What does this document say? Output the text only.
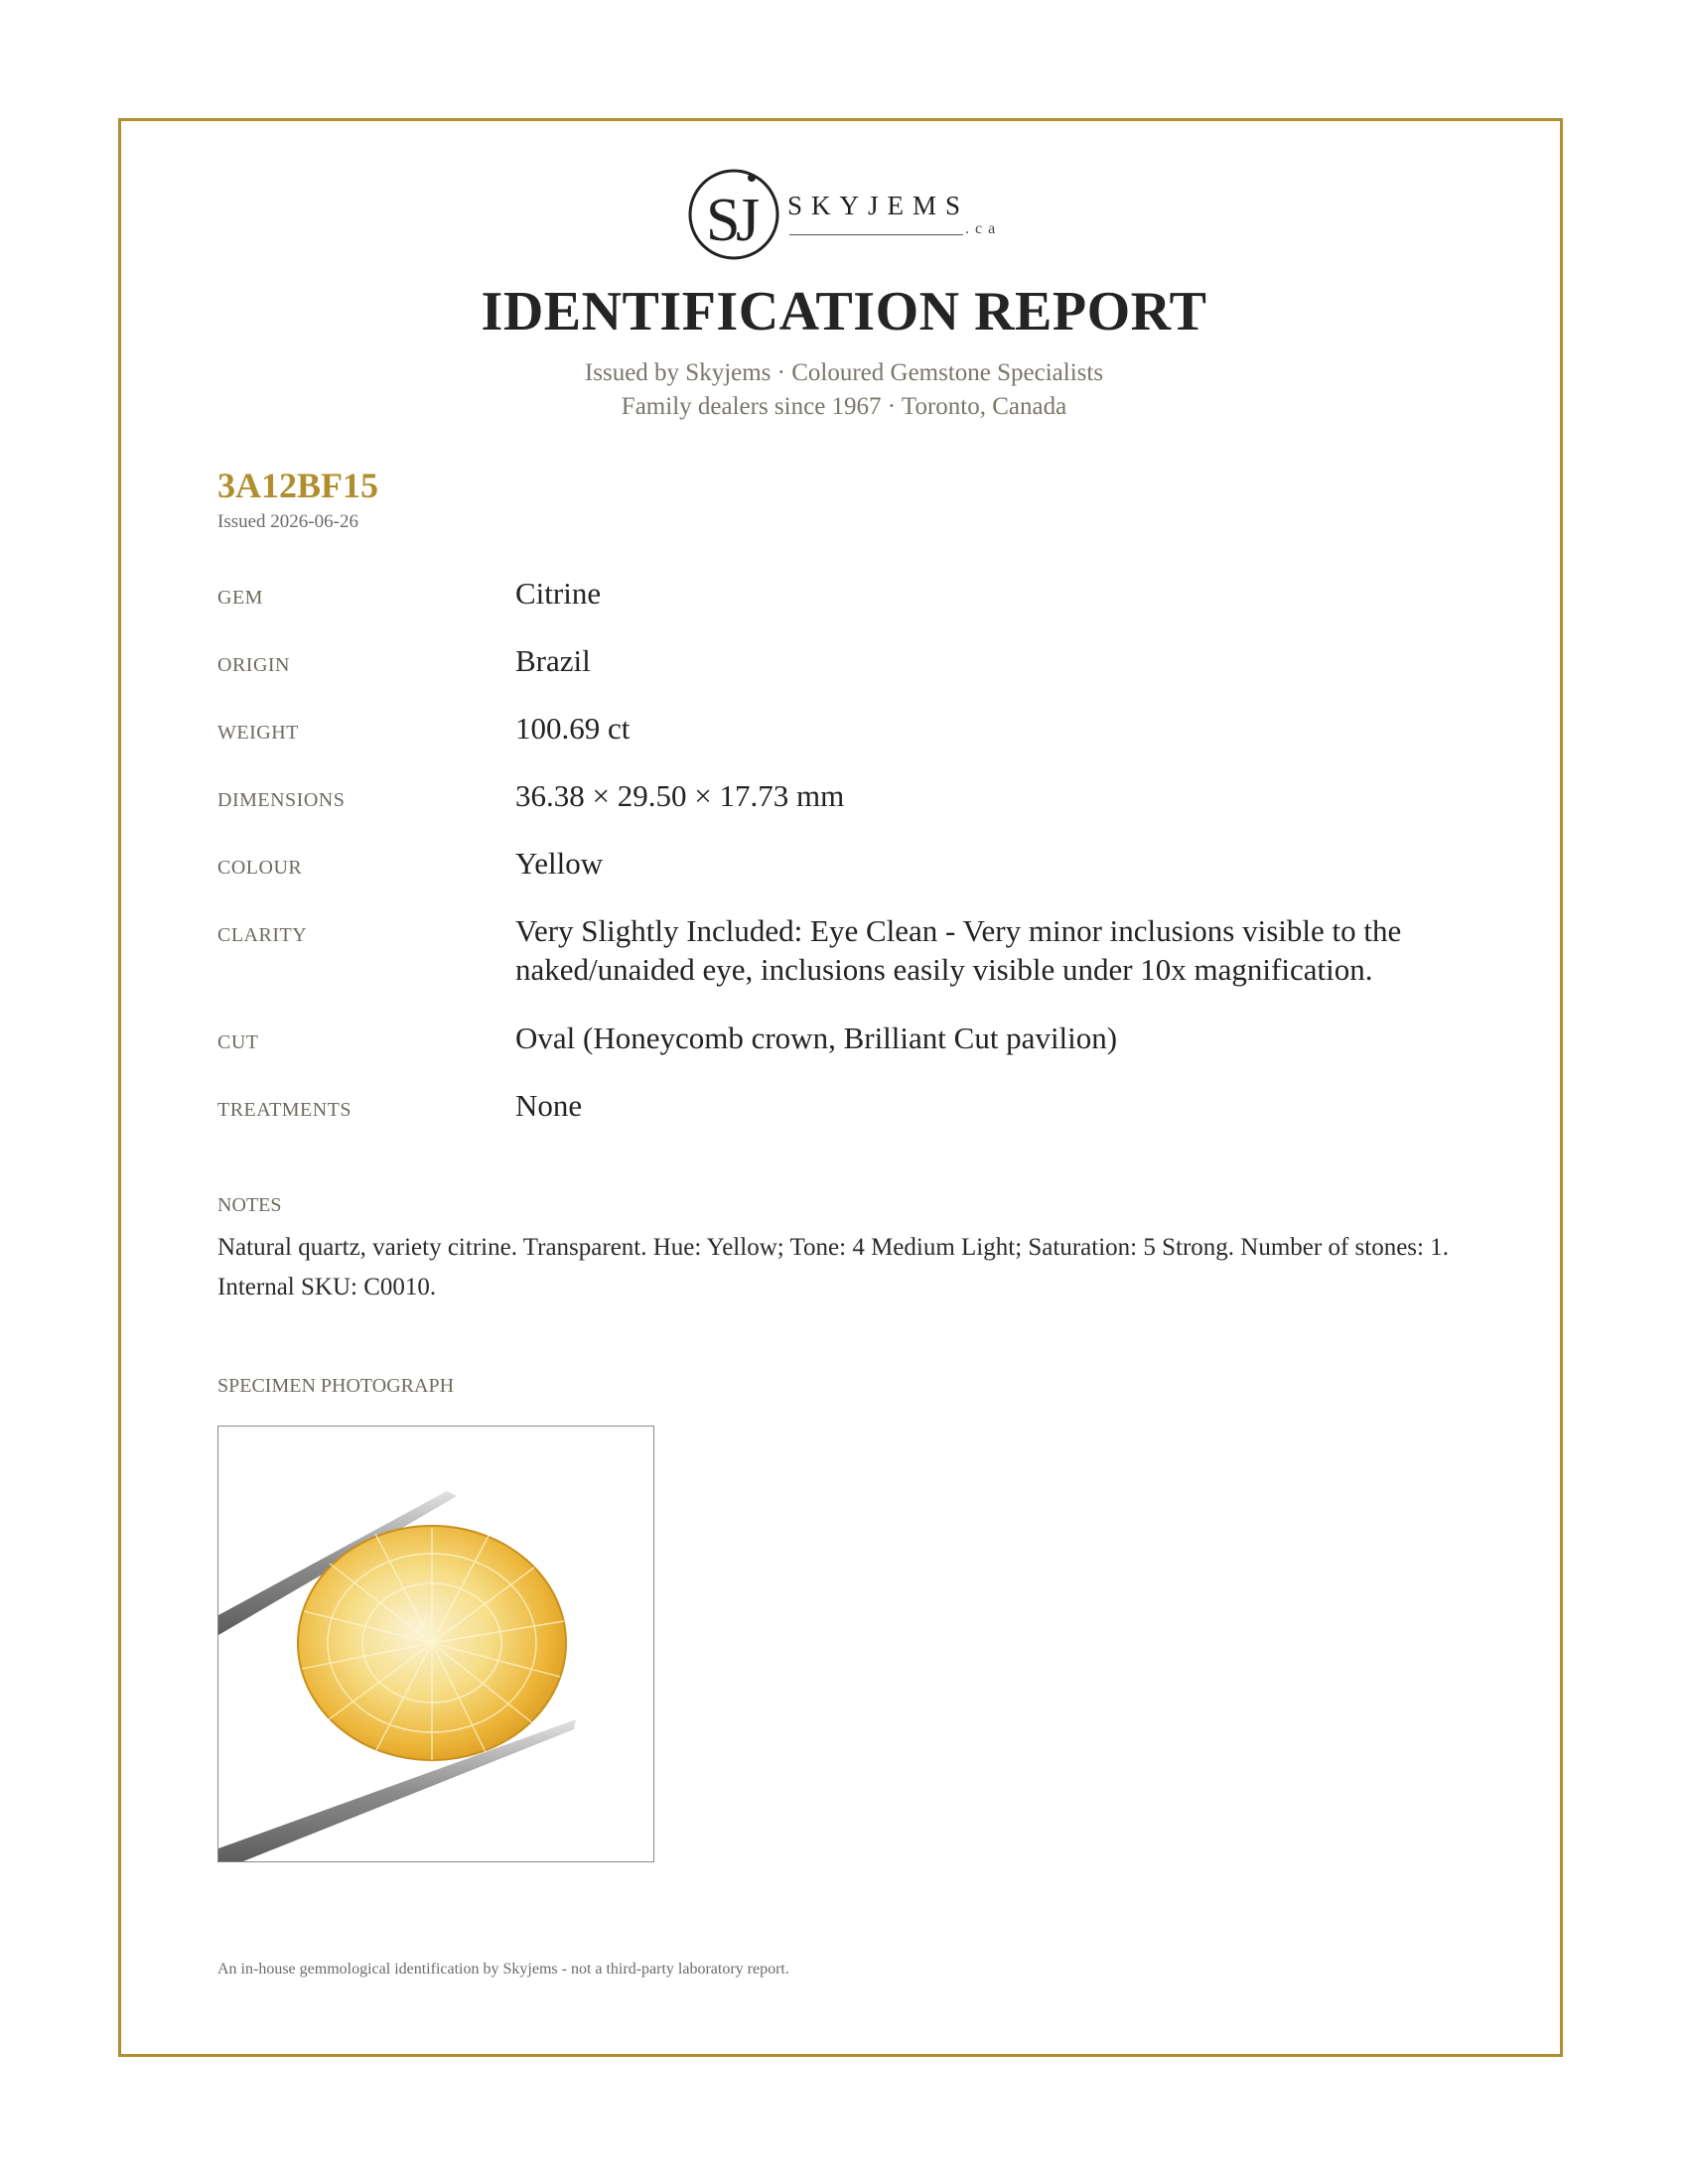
S
J SKYJEMS
.ca
IDENTIFICATION REPORT
Issued by Skyjems · Coloured Gemstone Specialists
Family dealers since 1967 · Toronto, Canada
3A12BF15
Issued 2026-06-26
GEM	Citrine
ORIGIN	Brazil
WEIGHT	100.69 ct
DIMENSIONS	36.38 × 29.50 × 17.73 mm
COLOUR	Yellow
CLARITY	Very Slightly Included: Eye Clean - Very minor inclusions visible to the naked/unaided eye, inclusions easily visible under 10x magnification.
CUT	Oval (Honeycomb crown, Brilliant Cut pavilion)
TREATMENTS	None
NOTES
Natural quartz, variety citrine. Transparent. Hue: Yellow; Tone: 4 Medium Light; Saturation: 5 Strong. Number of stones: 1. Internal SKU: C0010.
SPECIMEN PHOTOGRAPH
An in-house gemmological identification by Skyjems - not a third-party laboratory report.
